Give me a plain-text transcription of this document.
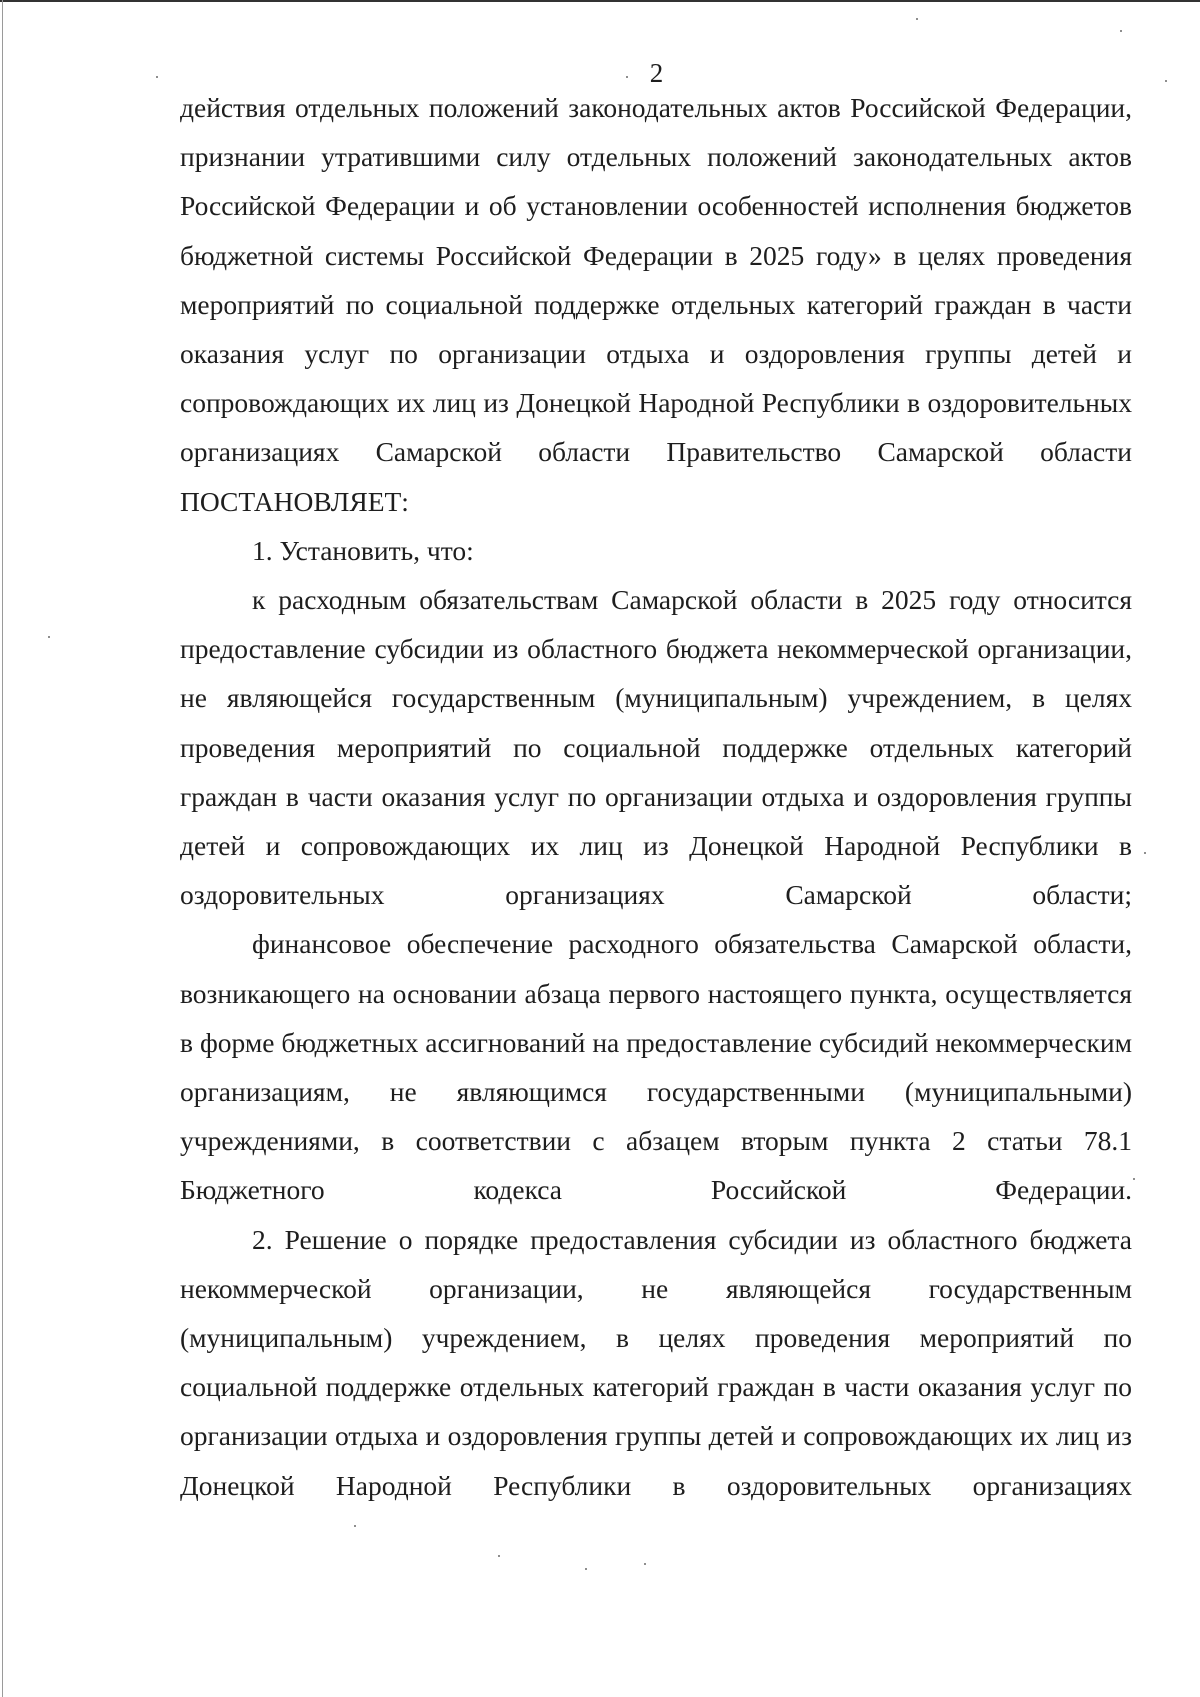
2

действия отдельных положений законодательных актов Российской Федерации, признании утратившими силу отдельных положений законодательных актов Российской Федерации и об установлении особенностей исполнения бюджетов бюджетной системы Российской Федерации в 2025 году» в целях проведения мероприятий по социальной поддержке отдельных категорий граждан в части оказания услуг по организации отдыха и оздоровления группы детей и сопровождающих их лиц из Донецкой Народной Республики в оздоровительных организациях Самарской области Правительство Самарской области ПОСТАНОВЛЯЕТ:

1. Установить, что:

к расходным обязательствам Самарской области в 2025 году относится предоставление субсидии из областного бюджета некоммерческой организации, не являющейся государственным (муниципальным) учреждением, в целях проведения мероприятий по социальной поддержке отдельных категорий граждан в части оказания услуг по организации отдыха и оздоровления группы детей и сопровождающих их лиц из Донецкой Народной Республики в оздоровительных организациях Самарской области;

финансовое обеспечение расходного обязательства Самарской области, возникающего на основании абзаца первого настоящего пункта, осуществляется в форме бюджетных ассигнований на предоставление субсидий некоммерческим организациям, не являющимся государственными (муниципальными) учреждениями, в соответствии с абзацем вторым пункта 2 статьи 78.1 Бюджетного кодекса Российской Федерации.

2. Решение о порядке предоставления субсидии из областного бюджета некоммерческой организации, не являющейся государственным (муниципальным) учреждением, в целях проведения мероприятий по социальной поддержке отдельных категорий граждан в части оказания услуг по организации отдыха и оздоровления группы детей и сопровождающих их лиц из Донецкой Народной Республики в оздоровительных организациях
